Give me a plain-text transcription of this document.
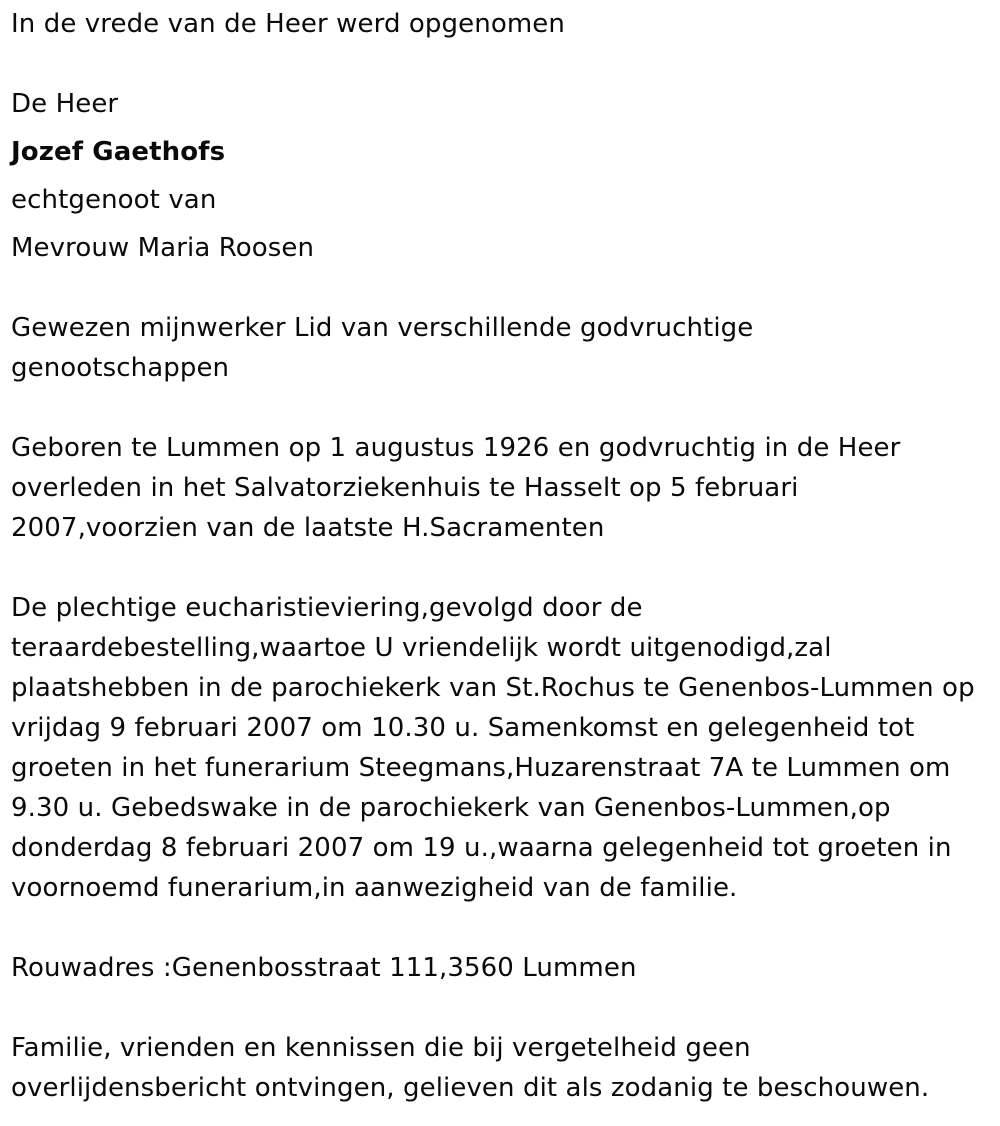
In de vrede van de Heer werd opgenomen
De Heer
Jozef Gaethofs
echtgenoot van
Mevrouw Maria Roosen
Gewezen mijnwerker Lid van verschillende godvruchtige
genootschappen
Geboren te Lummen op 1 augustus 1926 en godvruchtig in de Heer
overleden in het Salvatorziekenhuis te Hasselt op 5 februari
2007,voorzien van de laatste H.Sacramenten
De plechtige eucharistieviering,gevolgd door de
teraardebestelling,waartoe U vriendelijk wordt uitgenodigd,zal
plaatshebben in de parochiekerk van St.Rochus te Genenbos-Lummen op
vrijdag 9 februari 2007 om 10.30 u. Samenkomst en gelegenheid tot
groeten in het funerarium Steegmans,Huzarenstraat 7A te Lummen om
9.30 u. Gebedswake in de parochiekerk van Genenbos-Lummen,op
donderdag 8 februari 2007 om 19 u.,waarna gelegenheid tot groeten in
voornoemd funerarium,in aanwezigheid van de familie.
Rouwadres :Genenbosstraat 111,3560 Lummen
Familie, vrienden en kennissen die bij vergetelheid geen
overlijdensbericht ontvingen, gelieven dit als zodanig te beschouwen.
